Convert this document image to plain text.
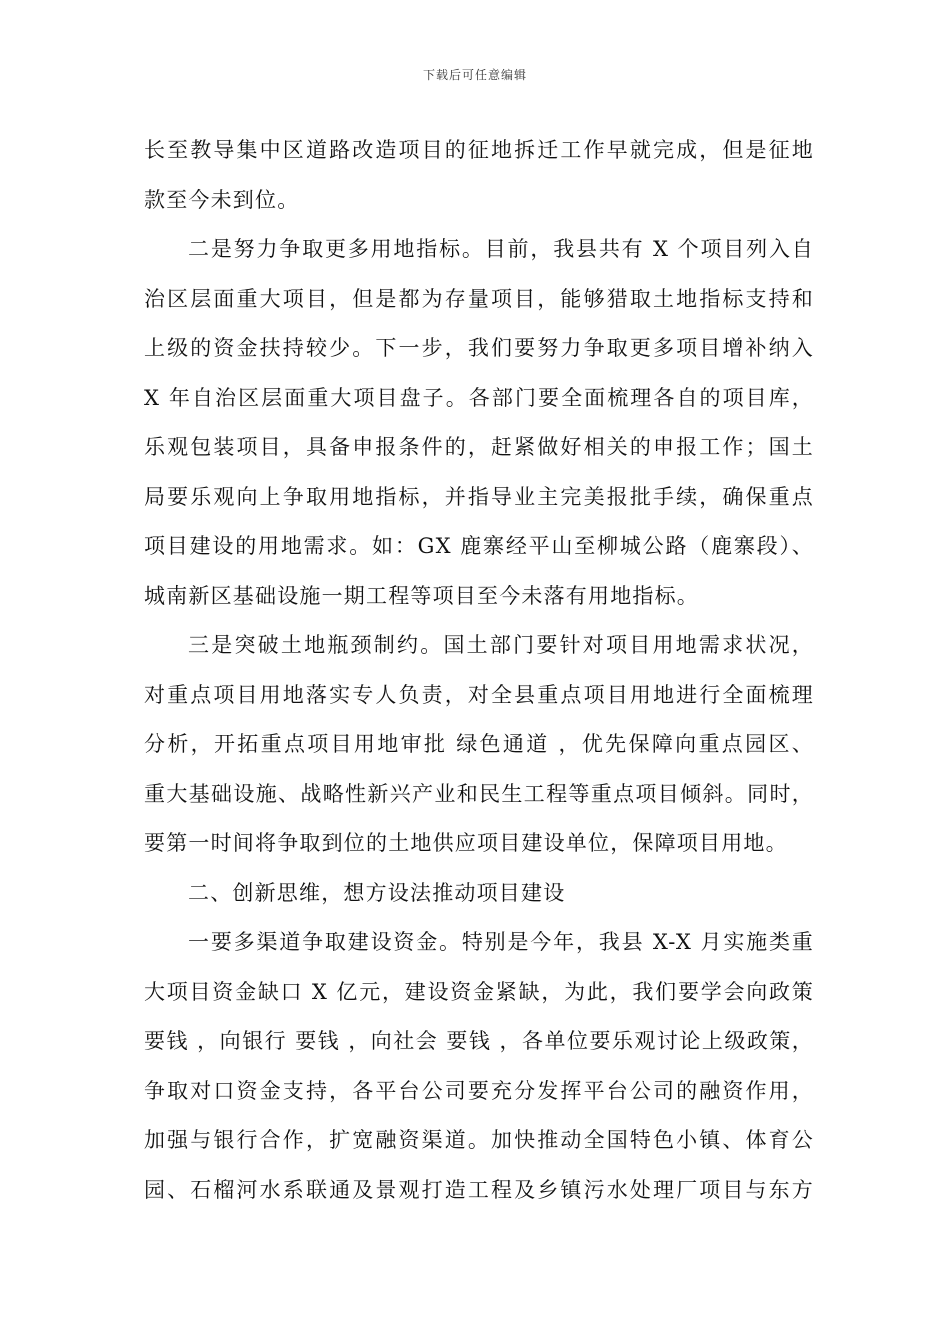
下载后可任意编辑
长至教导集中区道路改造项目的征地拆迁工作早就完成，但是征地
款至今未到位。
二是努力争取更多用地指标。目前，我县共有 X 个项目列入自
治区层面重大项目，但是都为存量项目，能够猎取土地指标支持和
上级的资金扶持较少。下一步，我们要努力争取更多项目增补纳入
X 年自治区层面重大项目盘子。各部门要全面梳理各自的项目库，
乐观包装项目，具备申报条件的，赶紧做好相关的申报工作；国土
局要乐观向上争取用地指标，并指导业主完美报批手续，确保重点
项目建设的用地需求。如：GX 鹿寨经平山至柳城公路（鹿寨段）、
城南新区基础设施一期工程等项目至今未落有用地指标。
三是突破土地瓶颈制约。国土部门要针对项目用地需求状况，
对重点项目用地落实专人负责，对全县重点项目用地进行全面梳理
分析，开拓重点项目用地审批 绿色通道 ，优先保障向重点园区、
重大基础设施、战略性新兴产业和民生工程等重点项目倾斜。同时，
要第一时间将争取到位的土地供应项目建设单位，保障项目用地。
二、创新思维，想方设法推动项目建设
一要多渠道争取建设资金。特别是今年，我县 X-X 月实施类重
大项目资金缺口 X 亿元，建设资金紧缺，为此，我们要学会向政策
要钱 ，向银行 要钱 ，向社会 要钱 ，各单位要乐观讨论上级政策，
争取对口资金支持，各平台公司要充分发挥平台公司的融资作用，
加强与银行合作，扩宽融资渠道。加快推动全国特色小镇、体育公
园、石榴河水系联通及景观打造工程及乡镇污水处理厂项目与东方
